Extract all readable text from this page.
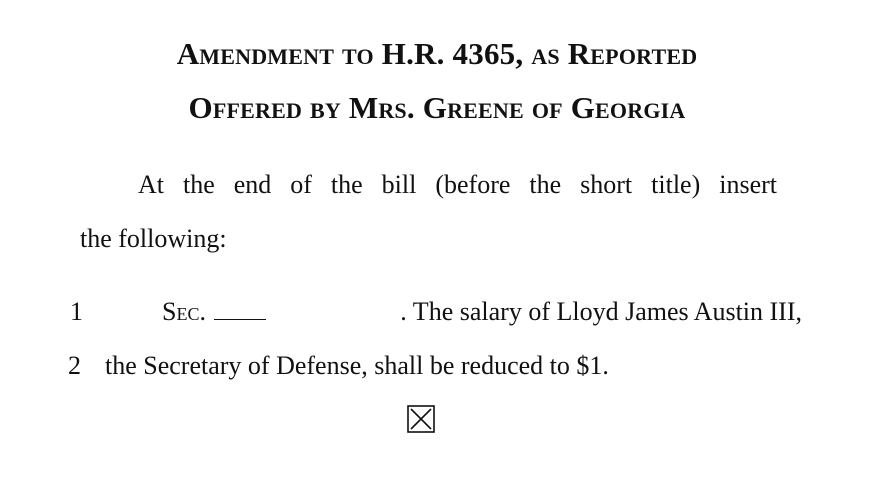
Amendment to H.R. 4365, as Reported
Offered by Mrs. Greene of Georgia
At the end of the bill (before the short title) insert
the following:
1	Sec.	. The salary of Lloyd James Austin III,
2 the Secretary of Defense, shall be reduced to $1.
